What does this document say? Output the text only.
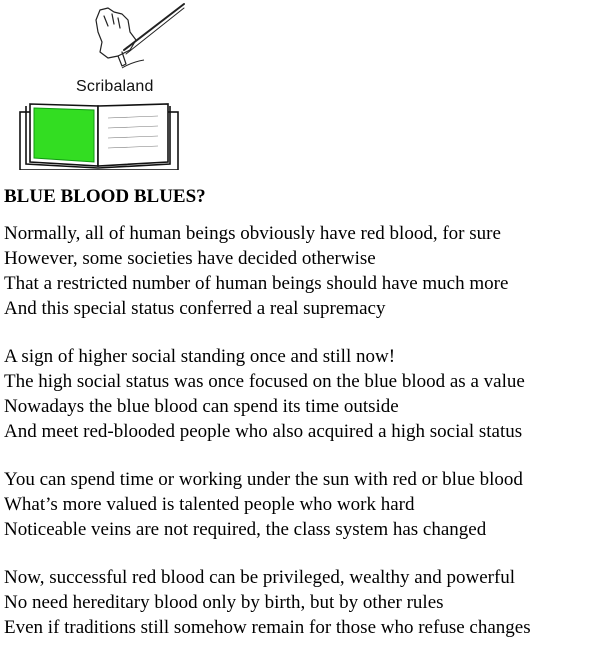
Scribaland
BLUE BLOOD BLUES?
Normally, all of human beings obviously have red blood, for sure
However, some societies have decided otherwise
That a restricted number of human beings should have much more
And this special status conferred a real supremacy
A sign of higher social standing once and still now!
The high social status was once focused on the blue blood as a value
Nowadays the blue blood can spend its time outside
And meet red-blooded people who also acquired a high social status
You can spend time or working under the sun with red or blue blood
What’s more valued is talented people who work hard
Noticeable veins are not required, the class system has changed
Now, successful red blood can be privileged, wealthy and powerful
No need hereditary blood only by birth, but by other rules
Even if traditions still somehow remain for those who refuse changes
